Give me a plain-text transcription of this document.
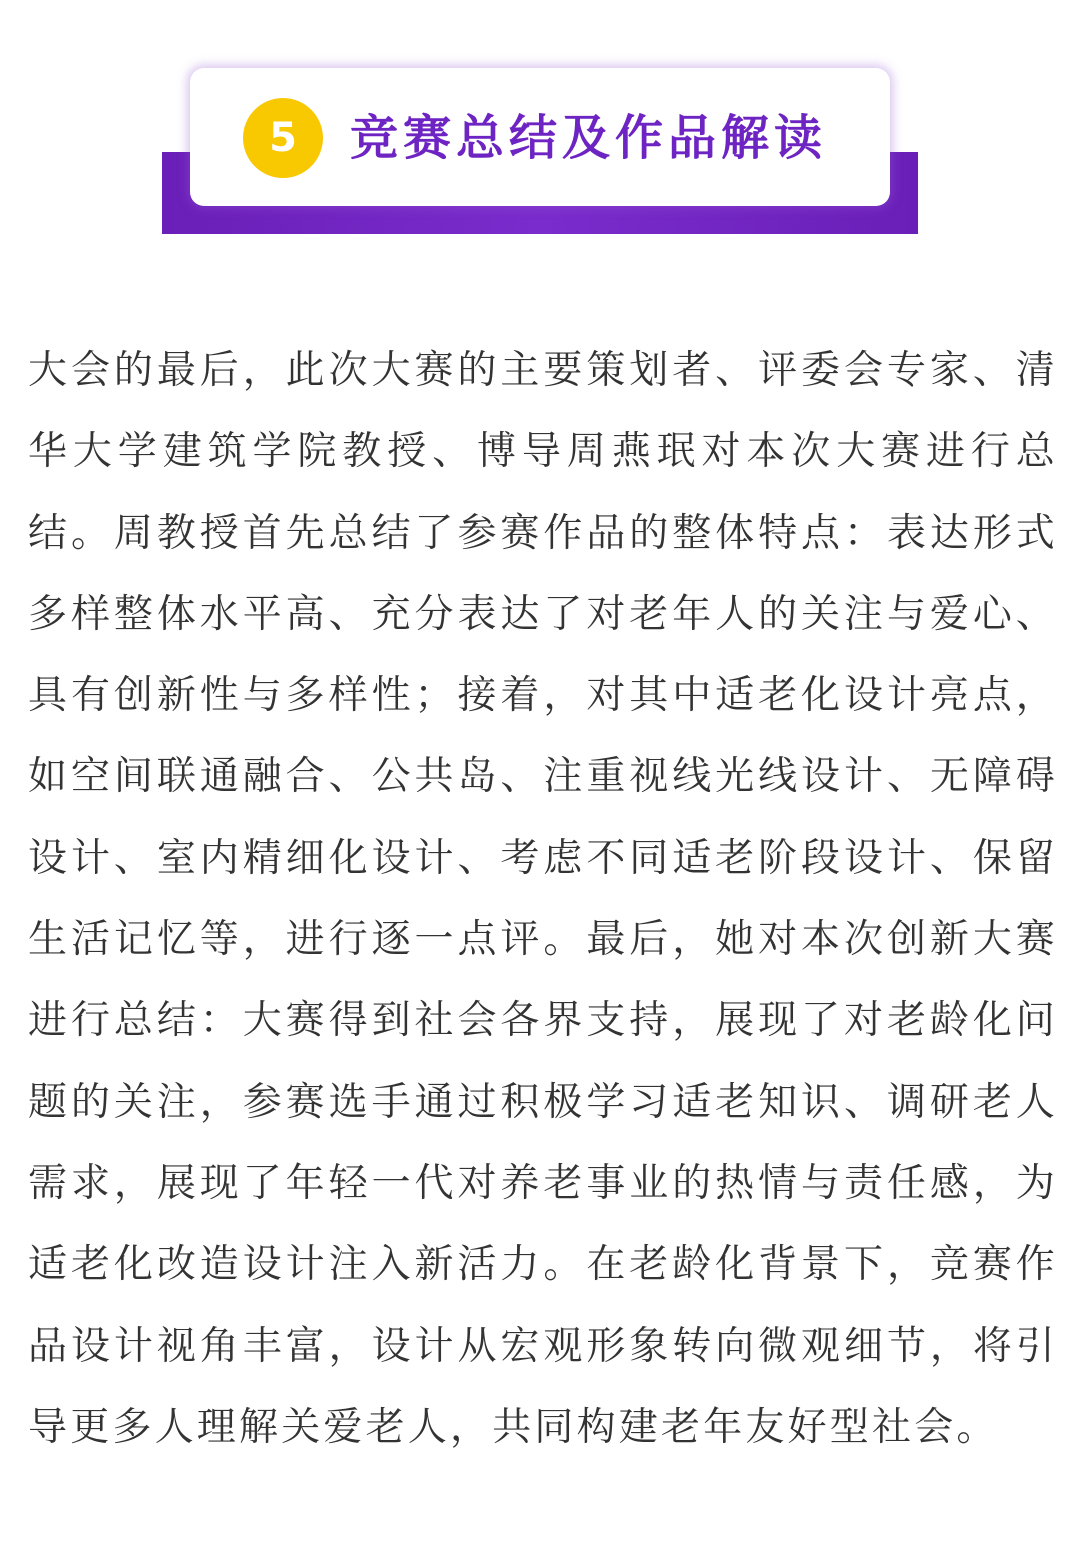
5	竞赛总结及作品解读

大会的最后，此次大赛的主要策划者、评委会专家、清华大学建筑学院教授、博导周燕珉对本次大赛进行总结。周教授首先总结了参赛作品的整体特点：表达形式多样整体水平高、充分表达了对老年人的关注与爱心、具有创新性与多样性；接着，对其中适老化设计亮点，如空间联通融合、公共岛、注重视线光线设计、无障碍设计、室内精细化设计、考虑不同适老阶段设计、保留生活记忆等，进行逐一点评。最后，她对本次创新大赛进行总结：大赛得到社会各界支持，展现了对老龄化问题的关注，参赛选手通过积极学习适老知识、调研老人需求，展现了年轻一代对养老事业的热情与责任感，为适老化改造设计注入新活力。在老龄化背景下，竞赛作品设计视角丰富，设计从宏观形象转向微观细节，将引导更多人理解关爱老人，共同构建老年友好型社会。
